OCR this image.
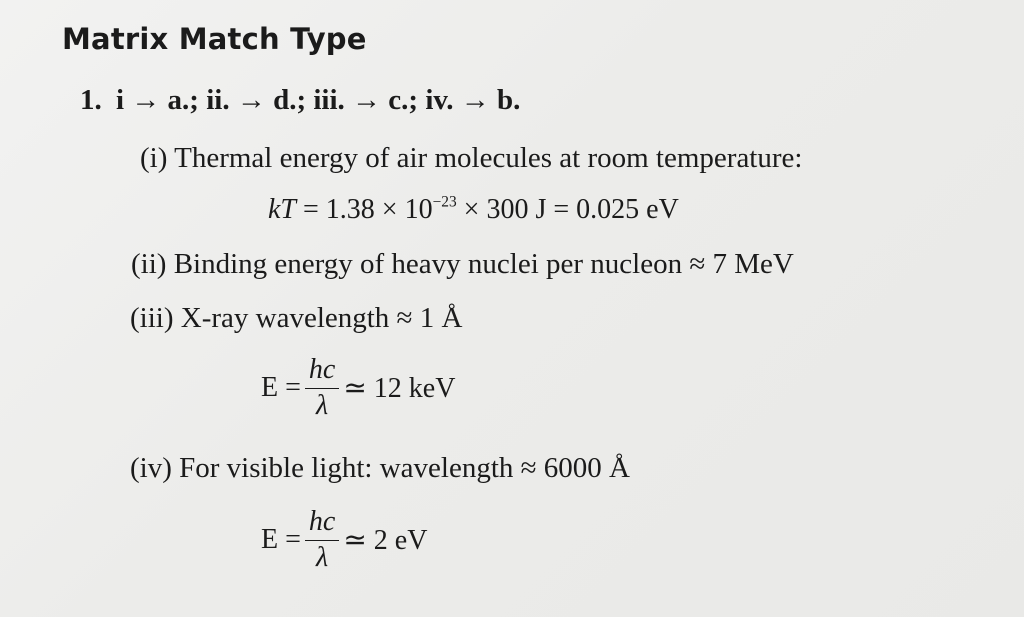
Matrix Match Type
1. i → a.; ii. → d.; iii. → c.; iv. → b.
(i) Thermal energy of air molecules at room temperature:
kT = $1.38 \times 10^{-23} \times 300$ J = 0.025 eV
(ii) Binding energy of heavy nuclei per nucleon ≈ 7 MeV
(iii) X-ray wavelength ≈ 1 Å
$E = \frac{hc}{\lambda}$ ≃ 12 keV
(iv) For visible light: wavelength ≈ 6000 Å
$E = \frac{hc}{\lambda}$ ≃ 2 eV
